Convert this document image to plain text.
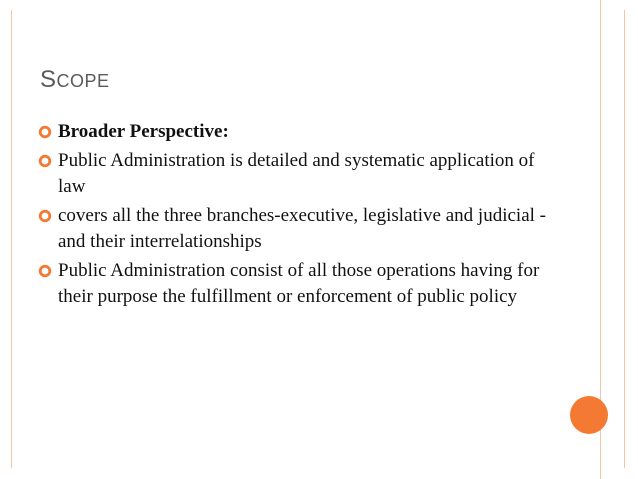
SCOPE
Broader Perspective:
Public Administration is detailed and systematic application of law
covers all the three branches-executive, legislative and judicial -and their interrelationships
Public Administration consist of all those operations having for their purpose the fulfillment or enforcement of public policy
